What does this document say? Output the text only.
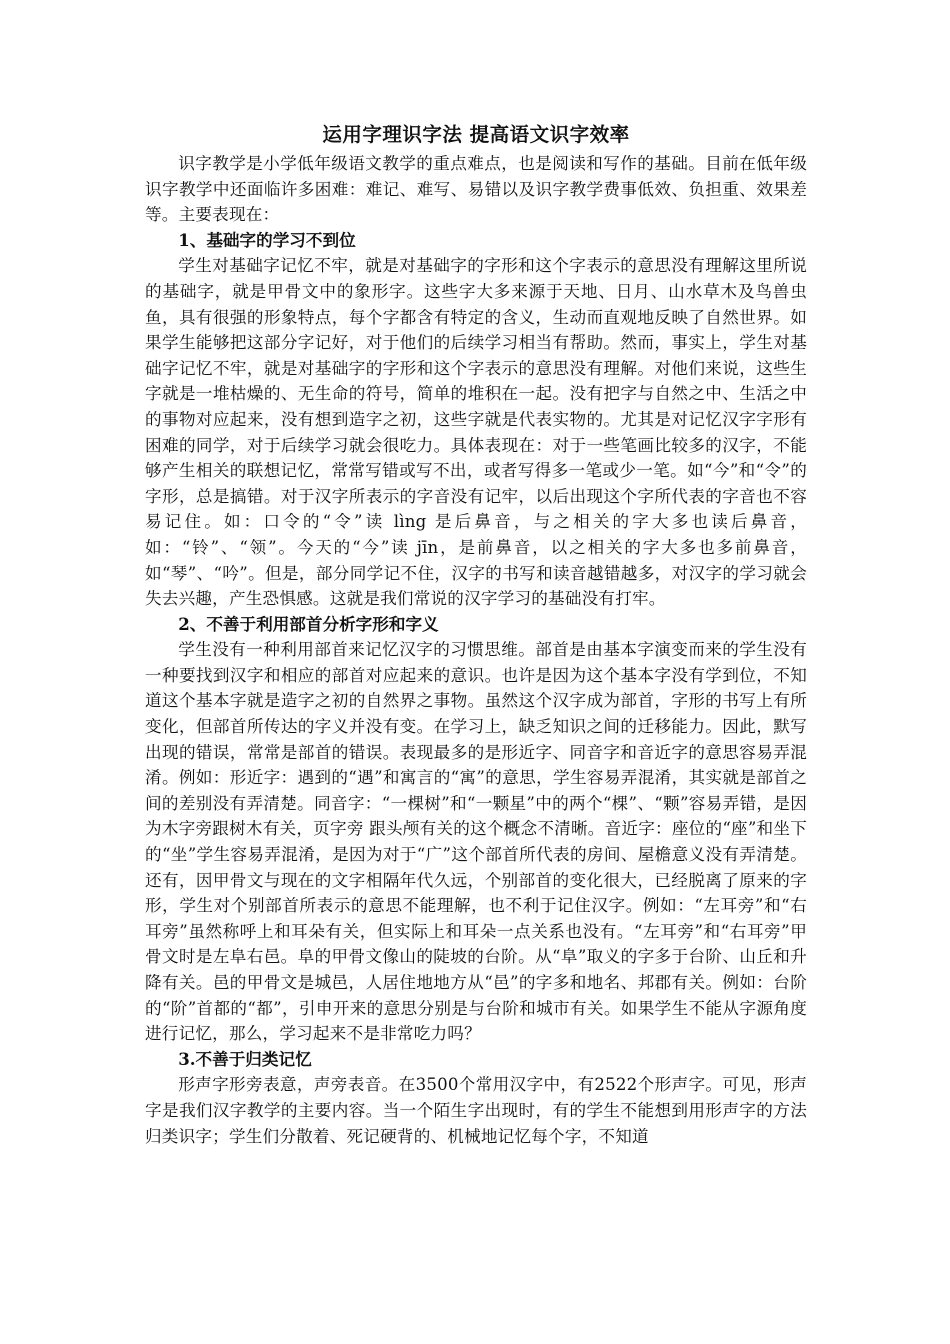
运用字理识字法 提高语文识字效率

识字教学是小学低年级语文教学的重点难点，也是阅读和写作的基础。目前在低年级识字教学中还面临许多困难：难记、难写、易错以及识字教学费事低效、负担重、效果差等。主要表现在：

1、基础字的学习不到位

学生对基础字记忆不牢，就是对基础字的字形和这个字表示的意思没有理解这里所说的基础字，就是甲骨文中的象形字。这些字大多来源于天地、日月、山水草木及鸟兽虫鱼，具有很强的形象特点，每个字都含有特定的含义，生动而直观地反映了自然世界。如果学生能够把这部分字记好，对于他们的后续学习相当有帮助。然而，事实上，学生对基础字记忆不牢，就是对基础字的字形和这个字表示的意思没有理解。对他们来说，这些生字就是一堆枯燥的、无生命的符号，简单的堆积在一起。没有把字与自然之中、生活之中的事物对应起来，没有想到造字之初，这些字就是代表实物的。尤其是对记忆汉字字形有困难的同学，对于后续学习就会很吃力。具体表现在：对于一些笔画比较多的汉字，不能够产生相关的联想记忆，常常写错或写不出，或者写得多一笔或少一笔。如“今”和“令”的字形，总是搞错。对于汉字所表示的字音没有记牢，以后出现这个字所代表的字音也不容易记住。如：口令的“令”读 lìng 是后鼻音，与之相关的字大多也读后鼻音，如：“铃”、“领”。今天的“今”读 jīn，是前鼻音，以之相关的字大多也多前鼻音，如“琴”、“吟”。但是，部分同学记不住，汉字的书写和读音越错越多，对汉字的学习就会失去兴趣，产生恐惧感。这就是我们常说的汉字学习的基础没有打牢。

2、不善于利用部首分析字形和字义

学生没有一种利用部首来记忆汉字的习惯思维。部首是由基本字演变而来的学生没有一种要找到汉字和相应的部首对应起来的意识。也许是因为这个基本字没有学到位，不知道这个基本字就是造字之初的自然界之事物。虽然这个汉字成为部首，字形的书写上有所变化，但部首所传达的字义并没有变。在学习上，缺乏知识之间的迁移能力。因此，默写出现的错误，常常是部首的错误。表现最多的是形近字、同音字和音近字的意思容易弄混淆。例如：形近字：遇到的“遇”和寓言的“寓”的意思，学生容易弄混淆，其实就是部首之间的差别没有弄清楚。同音字：“一棵树”和“一颗星”中的两个“棵”、“颗”容易弄错，是因为木字旁跟树木有关，页字旁 跟头颅有关的这个概念不清晰。音近字：座位的“座”和坐下的“坐”学生容易弄混淆，是因为对于“广”这个部首所代表的房间、屋檐意义没有弄清楚。还有，因甲骨文与现在的文字相隔年代久远，个别部首的变化很大，已经脱离了原来的字形，学生对个别部首所表示的意思不能理解，也不利于记住汉字。例如：“左耳旁”和“右耳旁”虽然称呼上和耳朵有关，但实际上和耳朵一点关系也没有。“左耳旁”和“右耳旁”甲骨文时是左阜右邑。阜的甲骨文像山的陡坡的台阶。从“阜”取义的字多于台阶、山丘和升降有关。邑的甲骨文是城邑，人居住地地方从“邑”的字多和地名、邦郡有关。例如：台阶的“阶”首都的“都”，引申开来的意思分别是与台阶和城市有关。如果学生不能从字源角度进行记忆，那么，学习起来不是非常吃力吗？

3.不善于归类记忆

形声字形旁表意，声旁表音。在3500个常用汉字中，有2522个形声字。可见，形声字是我们汉字教学的主要内容。当一个陌生字出现时，有的学生不能想到用形声字的方法归类识字；学生们分散着、死记硬背的、机械地记忆每个字，不知道
